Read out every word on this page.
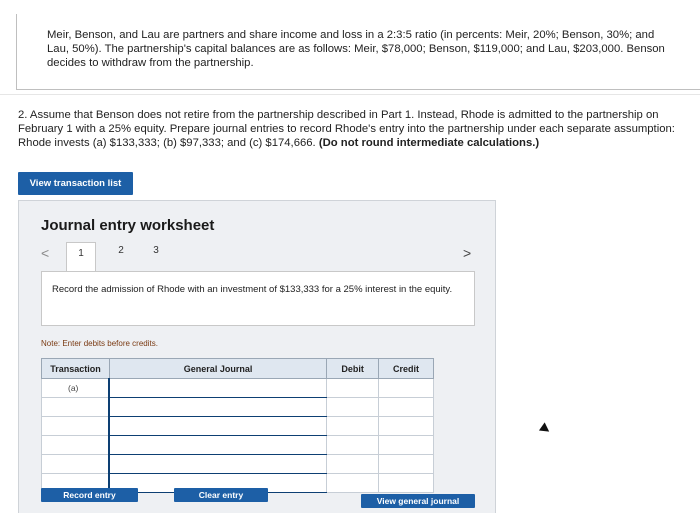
Meir, Benson, and Lau are partners and share income and loss in a 2:3:5 ratio (in percents: Meir, 20%; Benson, 30%; and Lau, 50%). The partnership's capital balances are as follows: Meir, $78,000; Benson, $119,000; and Lau, $203,000. Benson decides to withdraw from the partnership.
2. Assume that Benson does not retire from the partnership described in Part 1. Instead, Rhode is admitted to the partnership on February 1 with a 25% equity. Prepare journal entries to record Rhode's entry into the partnership under each separate assumption: Rhode invests (a) $133,333; (b) $97,333; and (c) $174,666. (Do not round intermediate calculations.)
View transaction list
Journal entry worksheet
<	1	2	3	>
Record the admission of Rhode with an investment of $133,333 for a 25% interest in the equity.
Note: Enter debits before credits.
Transaction	General Journal	Debit	Credit
(a)			

Record entry	Clear entry
View general journal
